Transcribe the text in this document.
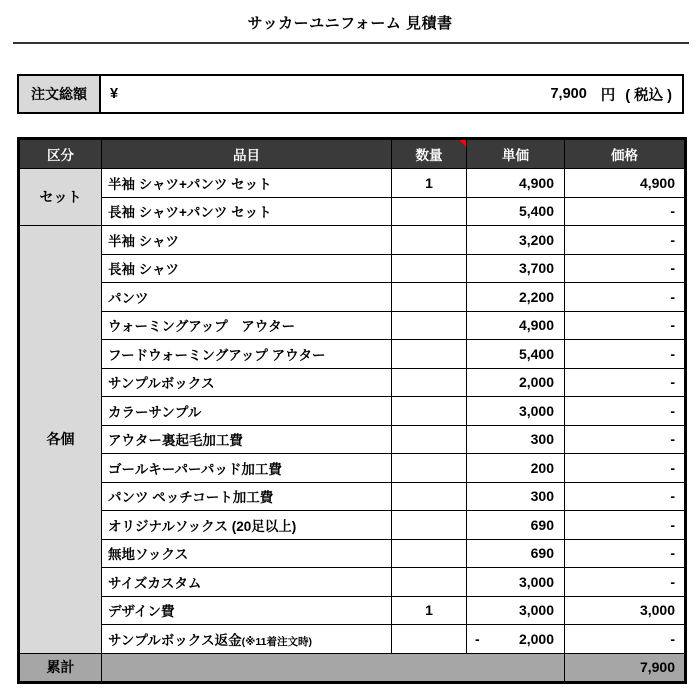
サッカーユニフォーム 見積書
注文総額	¥	7,900 円 ( 税込 )
区分	品目	数量	単価	価格
セット	半袖 シャツ+パンツ セット	1	4,900	4,900
	長袖 シャツ+パンツ セット		5,400	-
各個	半袖 シャツ		3,200	-
	長袖 シャツ		3,700	-
	パンツ		2,200	-
	ウォーミングアップ　アウター		4,900	-
	フードウォーミングアップ アウター		5,400	-
	サンプルボックス		2,000	-
	カラーサンプル		3,000	-
	アウター裏起毛加工費		300	-
	ゴールキーパーパッド加工費		200	-
	パンツ ペッチコート加工費		300	-
	オリジナルソックス (20足以上)		690	-
	無地ソックス		690	-
	サイズカスタム		3,000	-
	デザイン費	1	3,000	3,000
	サンプルボックス返金(※11着注文時)		- 2,000	-
累計				7,900
